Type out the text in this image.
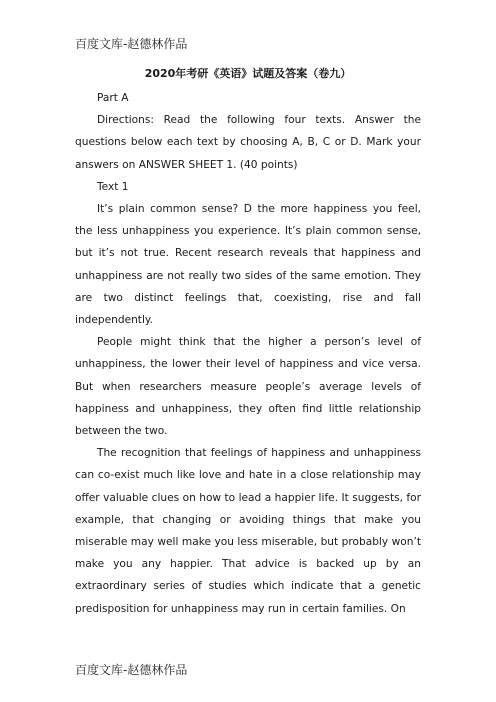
百度文库-赵德林作品

2020年考研《英语》试题及答案（卷九）

Part A

Directions: Read the following four texts. Answer the questions below each text by choosing A, B, C or D. Mark your answers on ANSWER SHEET 1. (40 points)

Text 1

It’s plain common sense? D the more happiness you feel, the less unhappiness you experience. It’s plain common sense, but it’s not true. Recent research reveals that happiness and unhappiness are not really two sides of the same emotion. They are two distinct feelings that, coexisting, rise and fall independently.

People might think that the higher a person’s level of unhappiness, the lower their level of happiness and vice versa. But when researchers measure people’s average levels of happiness and unhappiness, they often find little relationship between the two.

The recognition that feelings of happiness and unhappiness can co-exist much like love and hate in a close relationship may offer valuable clues on how to lead a happier life. It suggests, for example, that changing or avoiding things that make you miserable may well make you less miserable, but probably won’t make you any happier. That advice is backed up by an extraordinary series of studies which indicate that a genetic predisposition for unhappiness may run in certain families. On

百度文库-赵德林作品
